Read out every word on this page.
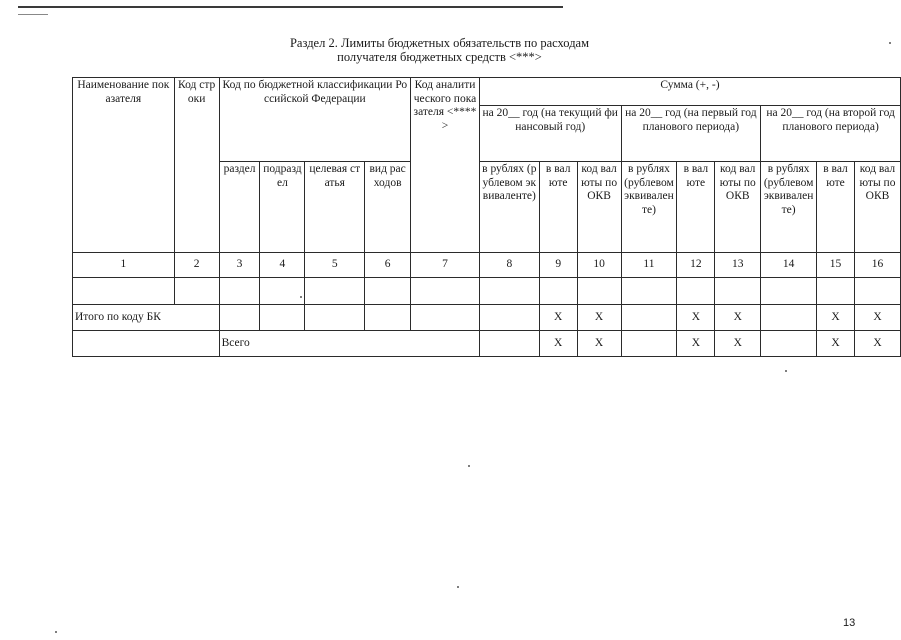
Раздел 2. Лимиты бюджетных обязательств по расходам
получателя бюджетных средств <***>
Наименование показателя	Код строки	Код по бюджетной классификации Российской Федерации				Код аналитического показателя <****>	Сумма (+, -)								
							на 20__ год (на текущий финансовый год)			на 20__ год (на первый год планового периода)			на 20__ год (на второй год планового периода)		
		раздел	подраздел	целевая статья	вид расходов		в рублях (рублевом эквиваленте)	в валюте	код валюты по ОКВ	в рублях (рублевом эквиваленте)	в валюте	код валюты по ОКВ	в рублях (рублевом эквиваленте)	в валюте	код валюты по ОКВ
1	2	3	4	5	6	7	8	9	10	11	12	13	14	15	16

Итого по коду БК								X	X		X	X		X	X
		Всего						X	X		X	X		X	X
13
